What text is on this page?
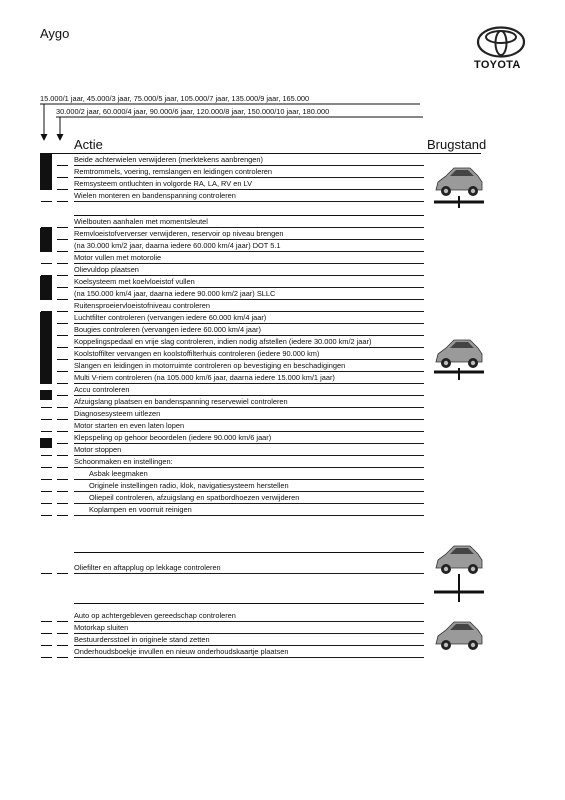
Aygo
TOYOTA
15.000/1 jaar, 45.000/3 jaar, 75.000/5 jaar, 105.000/7 jaar, 135.000/9 jaar, 165.000
30.000/2 jaar, 60.000/4 jaar, 90.000/6 jaar, 120.000/8 jaar, 150.000/10 jaar, 180.000
Actie	Brugstand
Beide achterwielen verwijderen (merktekens aanbrengen)
Remtrommels, voering, remslangen en leidingen controleren
Remsysteem ontluchten in volgorde RA, LA, RV en LV
Wielen monteren en bandenspanning controleren
Wielbouten aanhalen met momentsleutel
Remvloeistofververser verwijderen, reservoir op niveau brengen
(na 30.000 km/2 jaar, daarna iedere 60.000 km/4 jaar) DOT 5.1
Motor vullen met motorolie
Olievuldop plaatsen
Koelsysteem met koelvloeistof vullen
(na 150.000 km/4 jaar, daarna iedere 90.000 km/2 jaar) SLLC
Ruitensproeiervloeistofniveau controleren
Luchtfilter controleren (vervangen iedere 60.000 km/4 jaar)
Bougies controleren (vervangen iedere 60.000 km/4 jaar)
Koppelingspedaal en vrije slag controleren, indien nodig afstellen (iedere 30.000 km/2 jaar)
Koolstoffilter vervangen en koolstoffilterhuis controleren (iedere 90.000 km)
Slangen en leidingen in motorruimte controleren op bevestiging en beschadigingen
Multi V-riem controleren (na 105.000 km/6 jaar, daarna iedere 15.000 km/1 jaar)
Accu controleren
Afzuigslang plaatsen en bandenspanning reservewiel controleren
Diagnosesysteem uitlezen
Motor starten en even laten lopen
Klepspeling op gehoor beoordelen (iedere 90.000 km/6 jaar)
Motor stoppen
Schoonmaken en instellingen:
Asbak leegmaken
Originele instellingen radio, klok, navigatiesysteem herstellen
Oliepeil controleren, afzuigslang en spatbordhoezen verwijderen
Koplampen en voorruit reinigen
Oliefilter en aftapplug op lekkage controleren
Auto op achtergebleven gereedschap controleren
Motorkap sluiten
Bestuurdersstoel in originele stand zetten
Onderhoudsboekje invullen en nieuw onderhoudskaartje plaatsen
